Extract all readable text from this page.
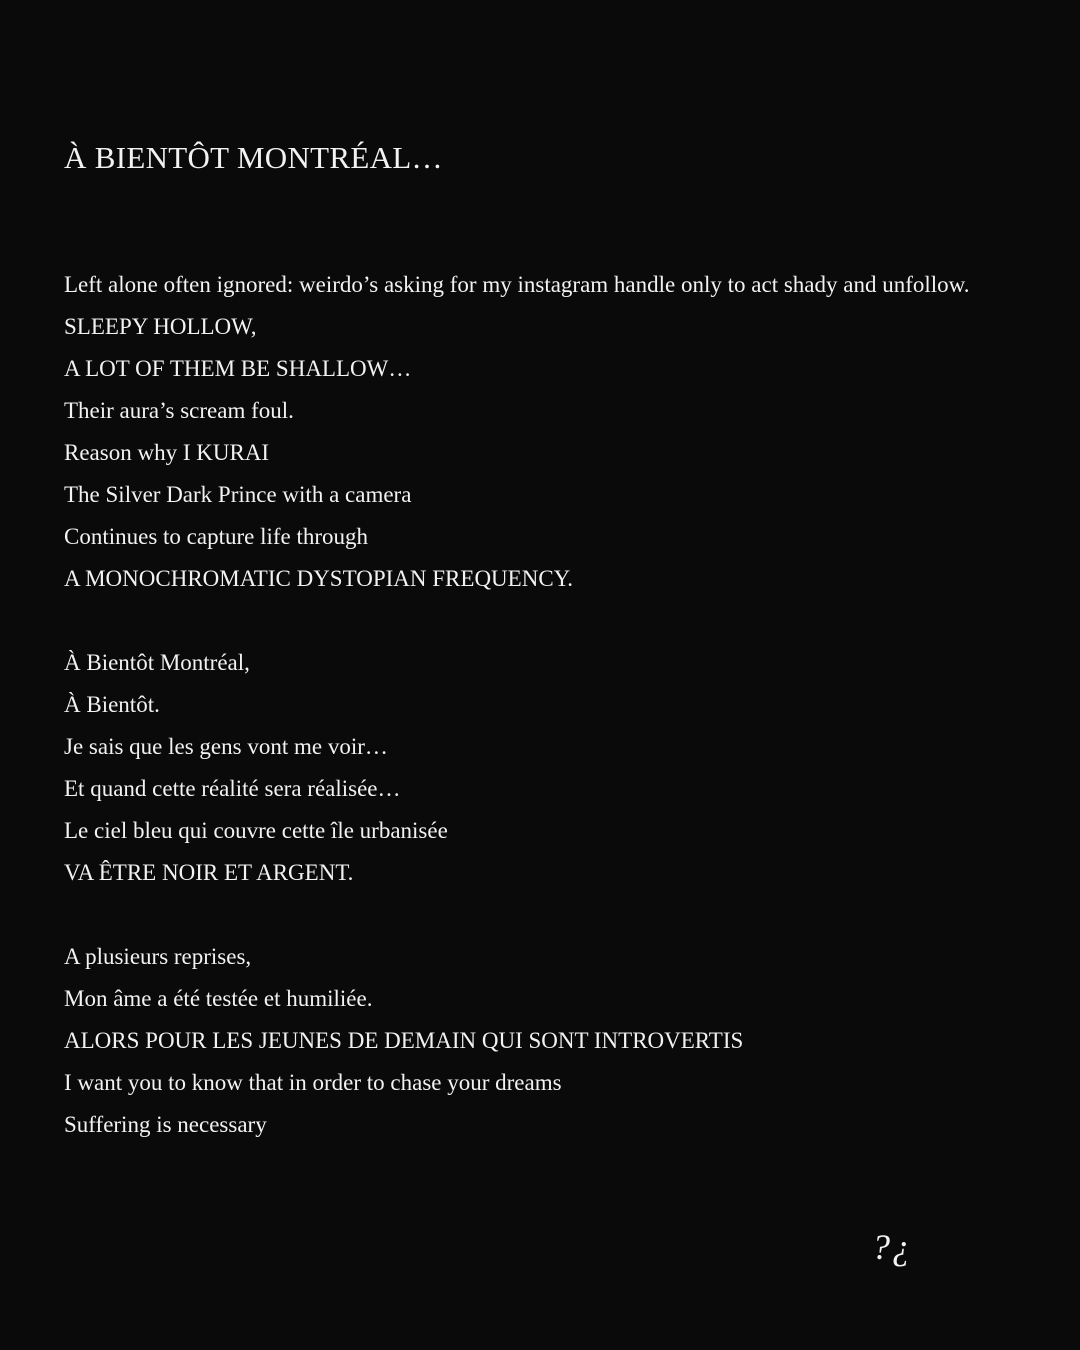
À BIENTÔT MONTRÉAL…
Left alone often ignored: weirdo’s asking for my instagram handle only to act shady and unfollow.
SLEEPY HOLLOW,
A LOT OF THEM BE SHALLOW…
Their aura’s scream foul.
Reason why I KURAI
The Silver Dark Prince with a camera
Continues to capture life through
A MONOCHROMATIC DYSTOPIAN FREQUENCY.
À Bientôt Montréal,
À Bientôt.
Je sais que les gens vont me voir…
Et quand cette réalité sera réalisée…
Le ciel bleu qui couvre cette île urbanisée
VA ÊTRE NOIR ET ARGENT.
A plusieurs reprises,
Mon âme a été testée et humiliée.
ALORS POUR LES JEUNES DE DEMAIN QUI SONT INTROVERTIS
I want you to know that in order to chase your dreams
Suffering is necessary
?¿
